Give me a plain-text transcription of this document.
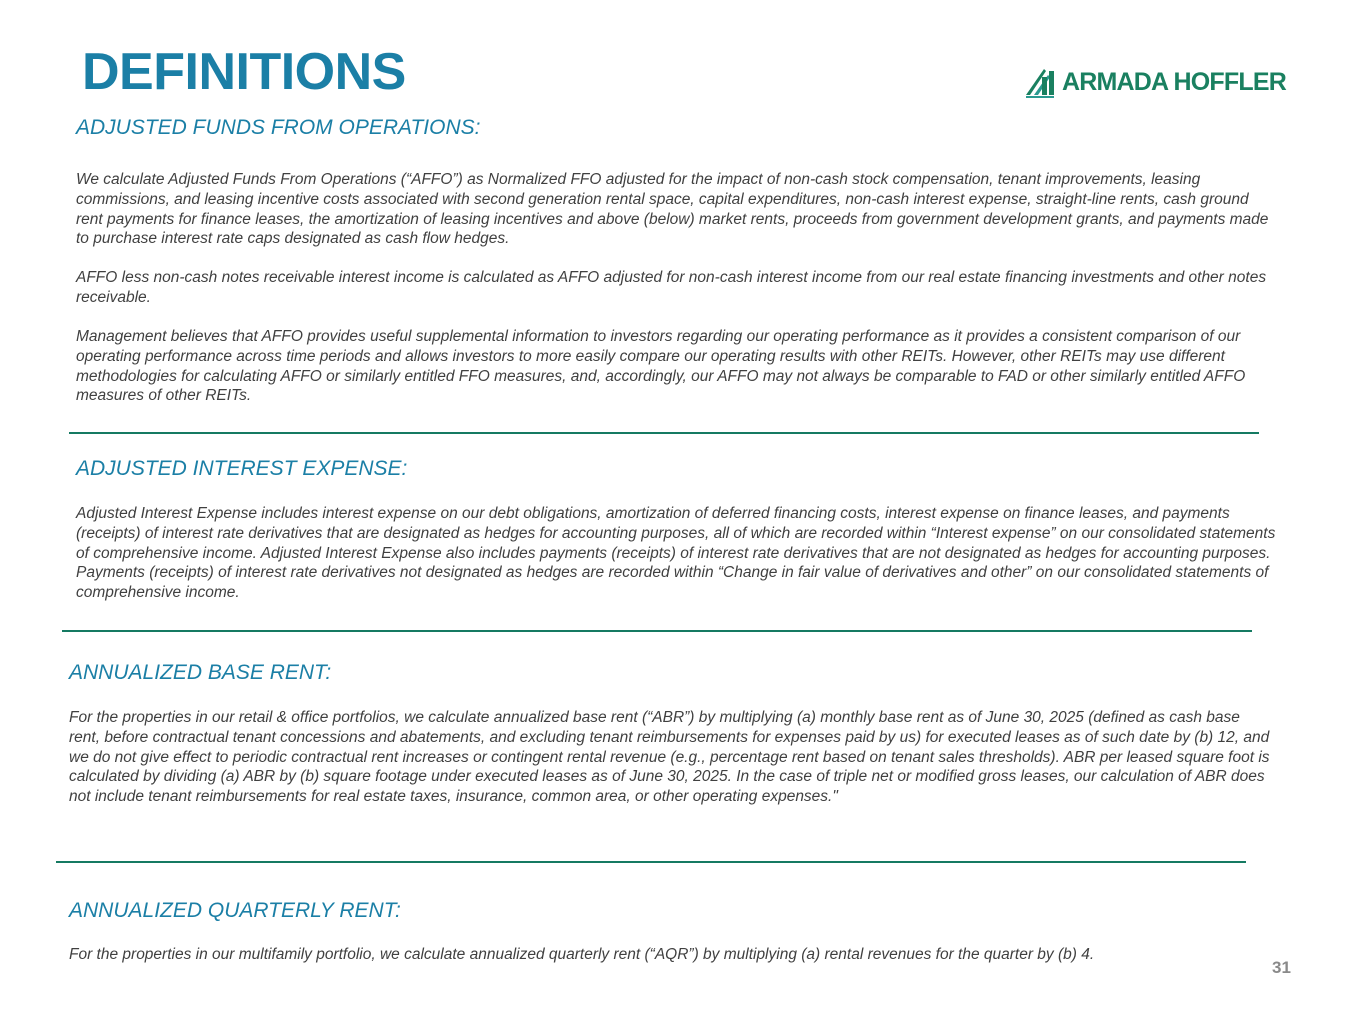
DEFINITIONS	ARMADA HOFFLER
ADJUSTED FUNDS FROM OPERATIONS:

We calculate Adjusted Funds From Operations (“AFFO”) as Normalized FFO adjusted for the impact of non-cash stock compensation, tenant improvements, leasing commissions, and leasing incentive costs associated with second generation rental space, capital expenditures, non-cash interest expense, straight-line rents, cash ground rent payments for finance leases, the amortization of leasing incentives and above (below) market rents, proceeds from government development grants, and payments made to purchase interest rate caps designated as cash flow hedges.

AFFO less non-cash notes receivable interest income is calculated as AFFO adjusted for non-cash interest income from our real estate financing investments and other notes receivable.

Management believes that AFFO provides useful supplemental information to investors regarding our operating performance as it provides a consistent comparison of our operating performance across time periods and allows investors to more easily compare our operating results with other REITs. However, other REITs may use different methodologies for calculating AFFO or similarly entitled FFO measures, and, accordingly, our AFFO may not always be comparable to FAD or other similarly entitled AFFO measures of other REITs.

ADJUSTED INTEREST EXPENSE:

Adjusted Interest Expense includes interest expense on our debt obligations, amortization of deferred financing costs, interest expense on finance leases, and payments (receipts) of interest rate derivatives that are designated as hedges for accounting purposes, all of which are recorded within “Interest expense” on our consolidated statements of comprehensive income. Adjusted Interest Expense also includes payments (receipts) of interest rate derivatives that are not designated as hedges for accounting purposes. Payments (receipts) of interest rate derivatives not designated as hedges are recorded within “Change in fair value of derivatives and other” on our consolidated statements of comprehensive income.

ANNUALIZED BASE RENT:

For the properties in our retail & office portfolios, we calculate annualized base rent (“ABR”) by multiplying (a) monthly base rent as of June 30, 2025 (defined as cash base rent, before contractual tenant concessions and abatements, and excluding tenant reimbursements for expenses paid by us) for executed leases as of such date by (b) 12, and we do not give effect to periodic contractual rent increases or contingent rental revenue (e.g., percentage rent based on tenant sales thresholds). ABR per leased square foot is calculated by dividing (a) ABR by (b) square footage under executed leases as of June 30, 2025. In the case of triple net or modified gross leases, our calculation of ABR does not include tenant reimbursements for real estate taxes, insurance, common area, or other operating expenses."

ANNUALIZED QUARTERLY RENT:

For the properties in our multifamily portfolio, we calculate annualized quarterly rent (“AQR”) by multiplying (a) rental revenues for the quarter by (b) 4.

31
